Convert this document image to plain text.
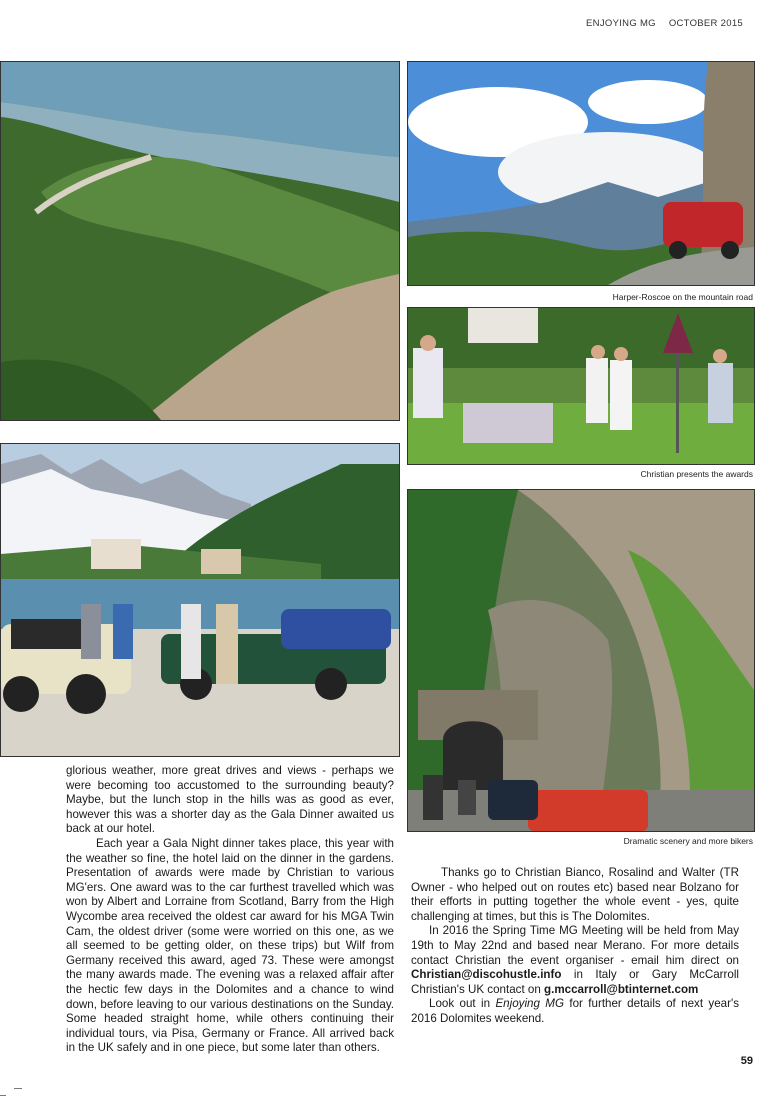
ENJOYING MG OCTOBER 2015
Harper-Roscoe on the mountain road
Christian presents the awards
Dramatic scenery and more bikers

glorious weather, more great drives and views - perhaps we were becoming too accustomed to the surrounding beauty? Maybe, but the lunch stop in the hills was as good as ever, however this was a shorter day as the Gala Dinner awaited us back at our hotel.

Each year a Gala Night dinner takes place, this year with the weather so fine, the hotel laid on the dinner in the gardens. Presentation of awards were made by Christian to various MG'ers. One award was to the car furthest travelled which was won by Albert and Lorraine from Scotland, Barry from the High Wycombe area received the oldest car award for his MGA Twin Cam, the oldest driver (some were worried on this one, as we all seemed to be getting older, on these trips) but Wilf from Germany received this award, aged 73. These were amongst the many awards made. The evening was a relaxed affair after the hectic few days in the Dolomites and a chance to wind down, before leaving to our various destinations on the Sunday. Some headed straight home, while others continuing their individual tours, via Pisa, Germany or France. All arrived back in the UK safely and in one piece, but some later than others.

Thanks go to Christian Bianco, Rosalind and Walter (TR Owner - who helped out on routes etc) based near Bolzano for their efforts in putting together the whole event - yes, quite challenging at times, but this is The Dolomites.

In 2016 the Spring Time MG Meeting will be held from May 19th to May 22nd and based near Merano. For more details contact Christian the event organiser - email him direct on Christian@discohustle.info in Italy or Gary McCarroll Christian's UK contact on g.mccarroll@btinternet.com

Look out in Enjoying MG for further details of next year's 2016 Dolomites weekend.

59
